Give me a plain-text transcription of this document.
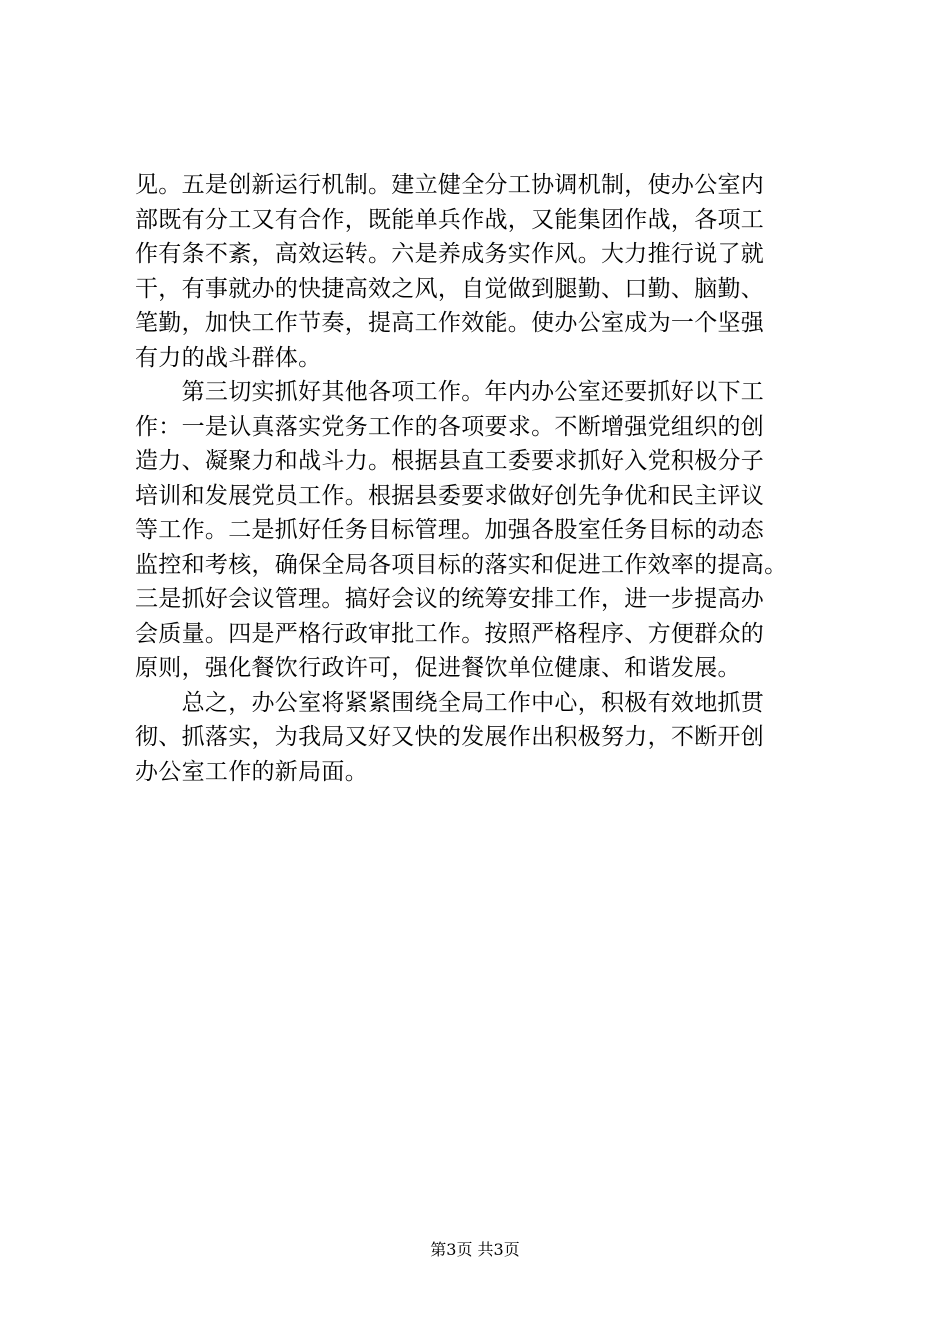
见。五是创新运行机制。建立健全分工协调机制，使办公室内
部既有分工又有合作，既能单兵作战，又能集团作战，各项工
作有条不紊，高效运转。六是养成务实作风。大力推行说了就
干，有事就办的快捷高效之风，自觉做到腿勤、口勤、脑勤、
笔勤，加快工作节奏，提高工作效能。使办公室成为一个坚强
有力的战斗群体。
　　第三切实抓好其他各项工作。年内办公室还要抓好以下工
作：一是认真落实党务工作的各项要求。不断增强党组织的创
造力、凝聚力和战斗力。根据县直工委要求抓好入党积极分子
培训和发展党员工作。根据县委要求做好创先争优和民主评议
等工作。二是抓好任务目标管理。加强各股室任务目标的动态
监控和考核，确保全局各项目标的落实和促进工作效率的提高。
三是抓好会议管理。搞好会议的统筹安排工作，进一步提高办
会质量。四是严格行政审批工作。按照严格程序、方便群众的
原则，强化餐饮行政许可，促进餐饮单位健康、和谐发展。
　　总之，办公室将紧紧围绕全局工作中心，积极有效地抓贯
彻、抓落实，为我局又好又快的发展作出积极努力，不断开创
办公室工作的新局面。
第3页 共3页
